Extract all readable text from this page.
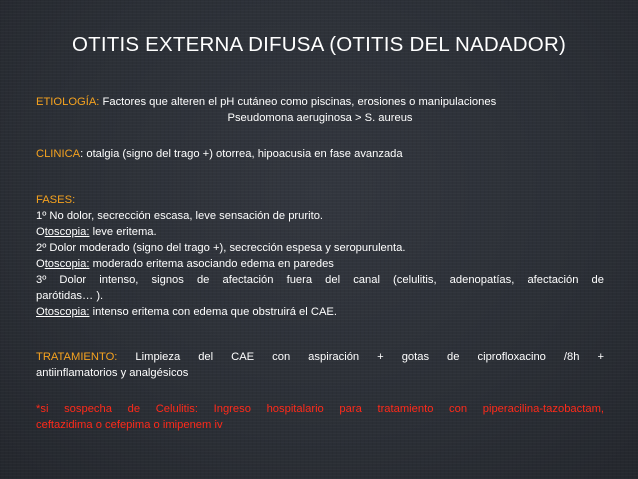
OTITIS EXTERNA DIFUSA (OTITIS DEL NADADOR)
ETIOLOGÍA: Factores que alteren el pH cutáneo como piscinas, erosiones o manipulaciones
Pseudomona aeruginosa > S. aureus
CLINICA: otalgia (signo del trago +) otorrea, hipoacusia en fase avanzada
FASES:
1º No dolor, secrección escasa, leve sensación de prurito.
Otoscopia: leve eritema.
2º Dolor moderado (signo del trago +), secrección espesa y seropurulenta.
Otoscopia: moderado eritema asociando edema en paredes
3º Dolor intenso, signos de afectación fuera del canal (celulitis, adenopatías, afectación de
parótidas… ).
Otoscopia: intenso eritema con edema que obstruirá el CAE.
TRATAMIENTO: Limpieza del CAE con aspiración + gotas de ciprofloxacino /8h +
antiinflamatorios y analgésicos
*si sospecha de Celulitis: Ingreso hospitalario para tratamiento con piperacilina-tazobactam,
ceftazidima o cefepima o imipenem iv
